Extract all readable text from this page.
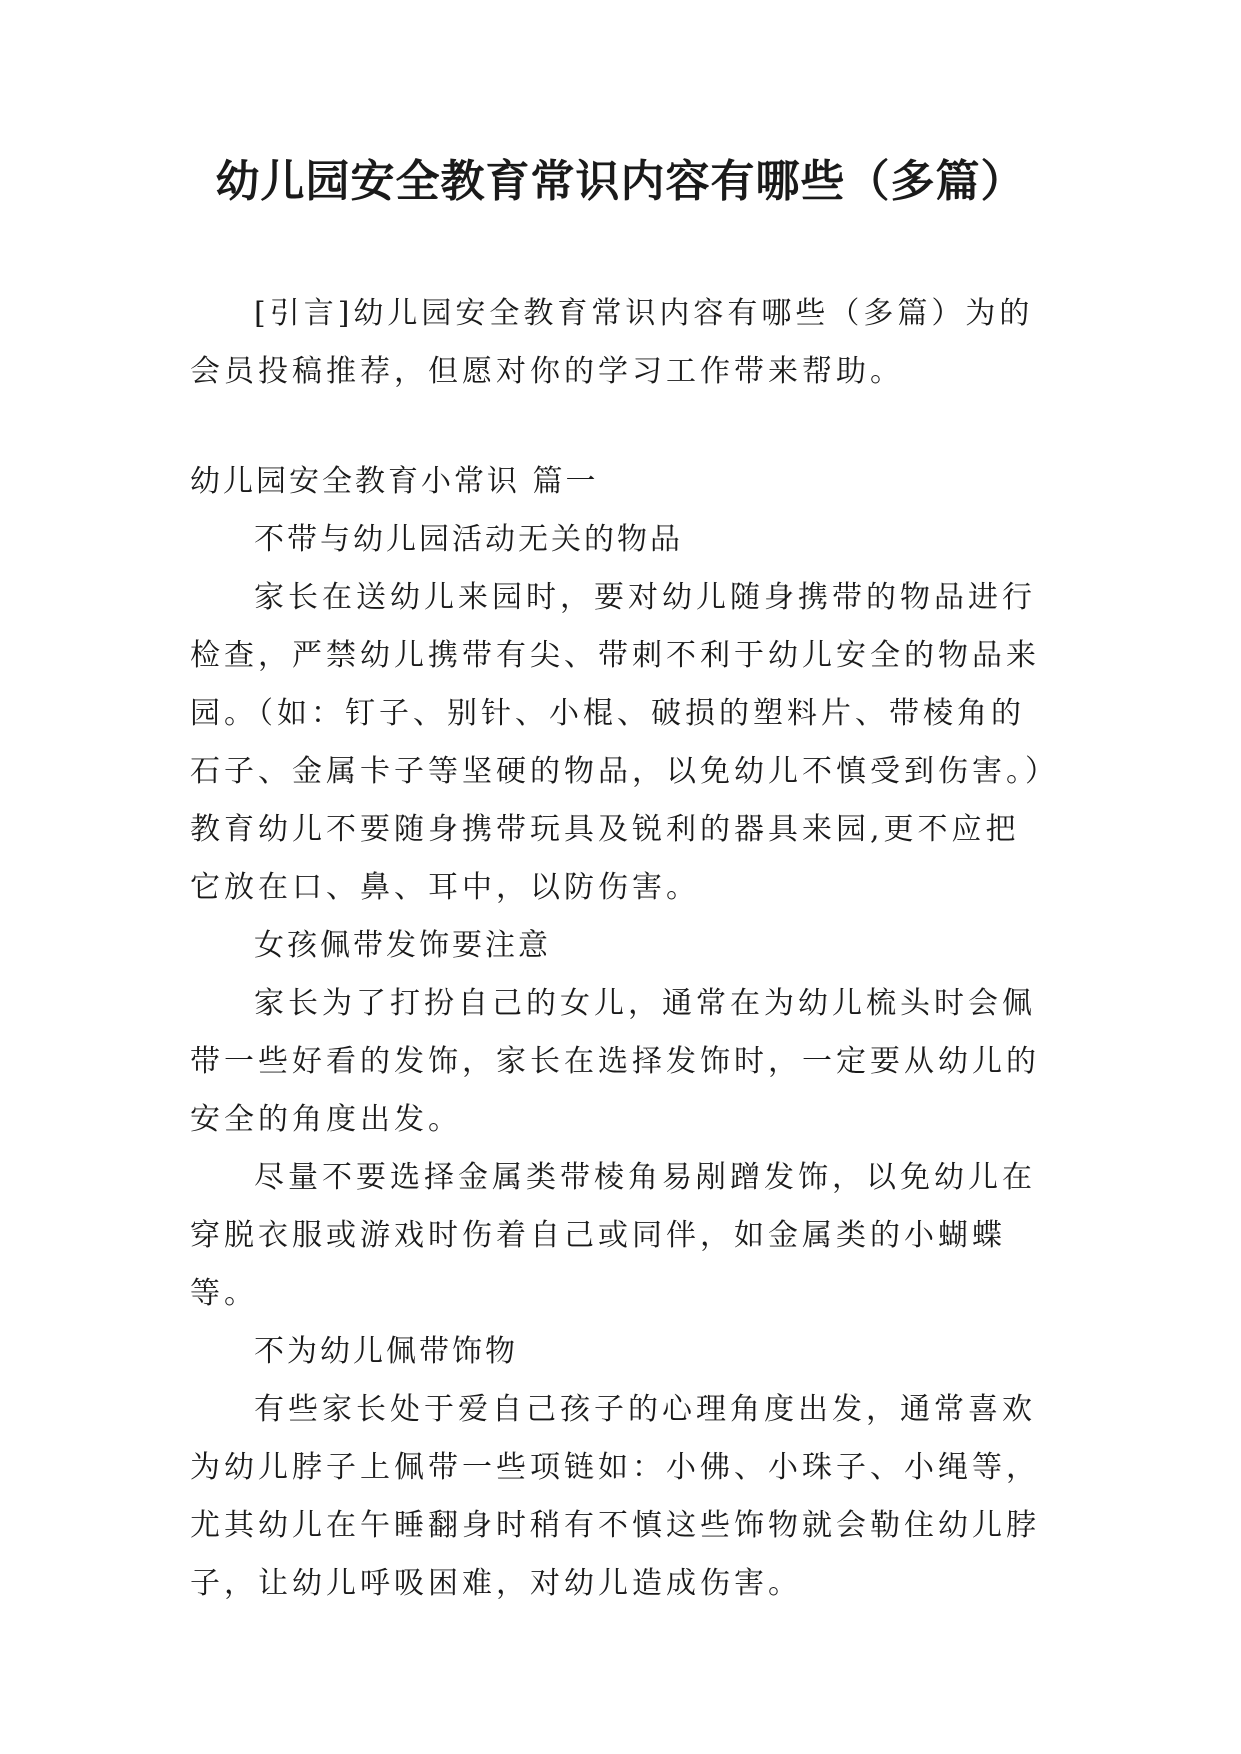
幼儿园安全教育常识内容有哪些（多篇）

[引言]幼儿园安全教育常识内容有哪些（多篇）为的会员投稿推荐，但愿对你的学习工作带来帮助。

幼儿园安全教育小常识 篇一

不带与幼儿园活动无关的物品

家长在送幼儿来园时，要对幼儿随身携带的物品进行检查，严禁幼儿携带有尖、带刺不利于幼儿安全的物品来园。（如：钉子、别针、小棍、破损的塑料片、带棱角的石子、金属卡子等坚硬的物品，以免幼儿不慎受到伤害。）教育幼儿不要随身携带玩具及锐利的器具来园,更不应把它放在口、鼻、耳中，以防伤害。

女孩佩带发饰要注意

家长为了打扮自己的女儿，通常在为幼儿梳头时会佩带一些好看的发饰，家长在选择发饰时，一定要从幼儿的安全的角度出发。

尽量不要选择金属类带棱角易剐蹭发饰，以免幼儿在穿脱衣服或游戏时伤着自己或同伴，如金属类的小蝴蝶等。

不为幼儿佩带饰物

有些家长处于爱自己孩子的心理角度出发，通常喜欢为幼儿脖子上佩带一些项链如：小佛、小珠子、小绳等，尤其幼儿在午睡翻身时稍有不慎这些饰物就会勒住幼儿脖子，让幼儿呼吸困难，对幼儿造成伤害。
